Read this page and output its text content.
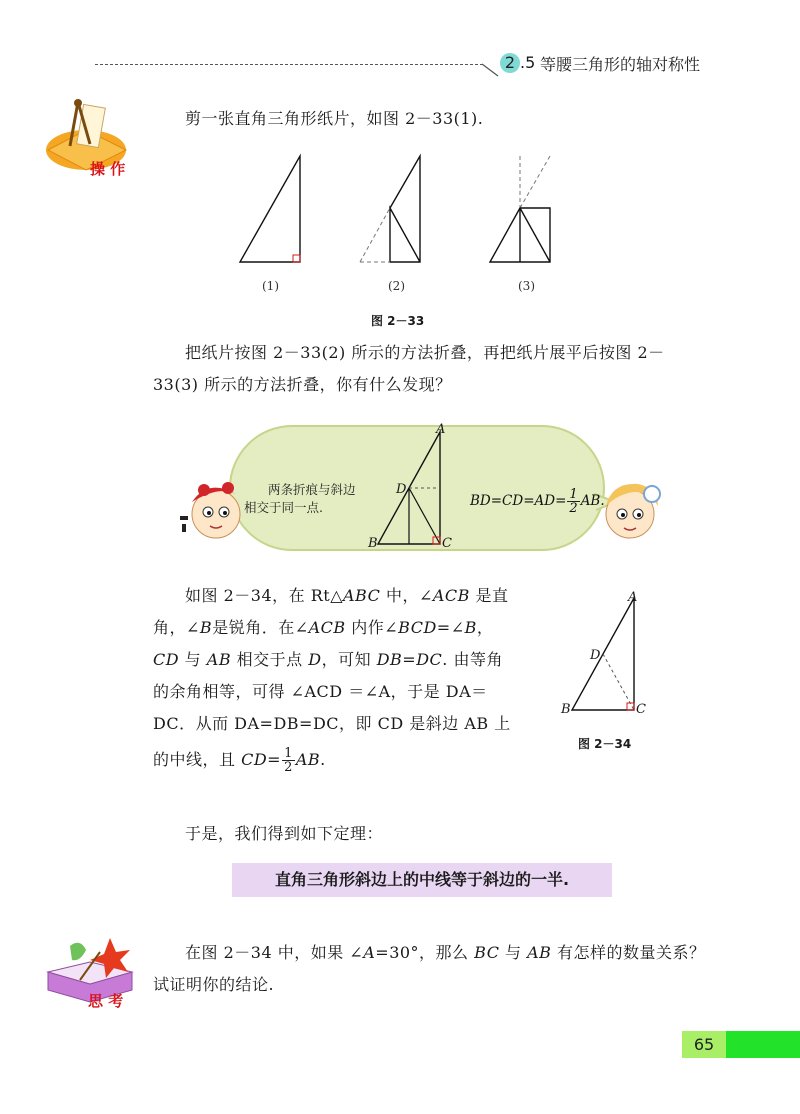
2 .5 等腰三角形的轴对称性
操 作
剪一张直角三角形纸片，如图 2－33(1).
(1)	(2)	(3)
图 2－33
把纸片按图 2－33(2) 所示的方法折叠，再把纸片展平后按图 2－
33(3) 所示的方法折叠，你有什么发现？
两条折痕与斜边
相交于同一点.
A
D
B	C
$BD=CD=AD= \frac{1}{2}$ AB.
如图 2－34，在 Rt△ABC 中，∠ACB 是直
角，∠B是锐角．在∠ACB 内作∠BCD=∠B，
CD 与 AB 相交于点 D，可知 DB=DC. 由等角
的余角相等，可得 ∠ACD ＝∠A，于是 DA＝
DC．从而 DA=DB=DC，即 CD 是斜边 AB 上
的中线，且 $CD= \frac{1}{2}$ AB.
A
D
B	C
图 2－34
于是，我们得到如下定理：
直角三角形斜边上的中线等于斜边的一半.
思 考
在图 2－34 中，如果 ∠A=30°，那么 BC 与 AB 有怎样的数量关系？
试证明你的结论.
65
